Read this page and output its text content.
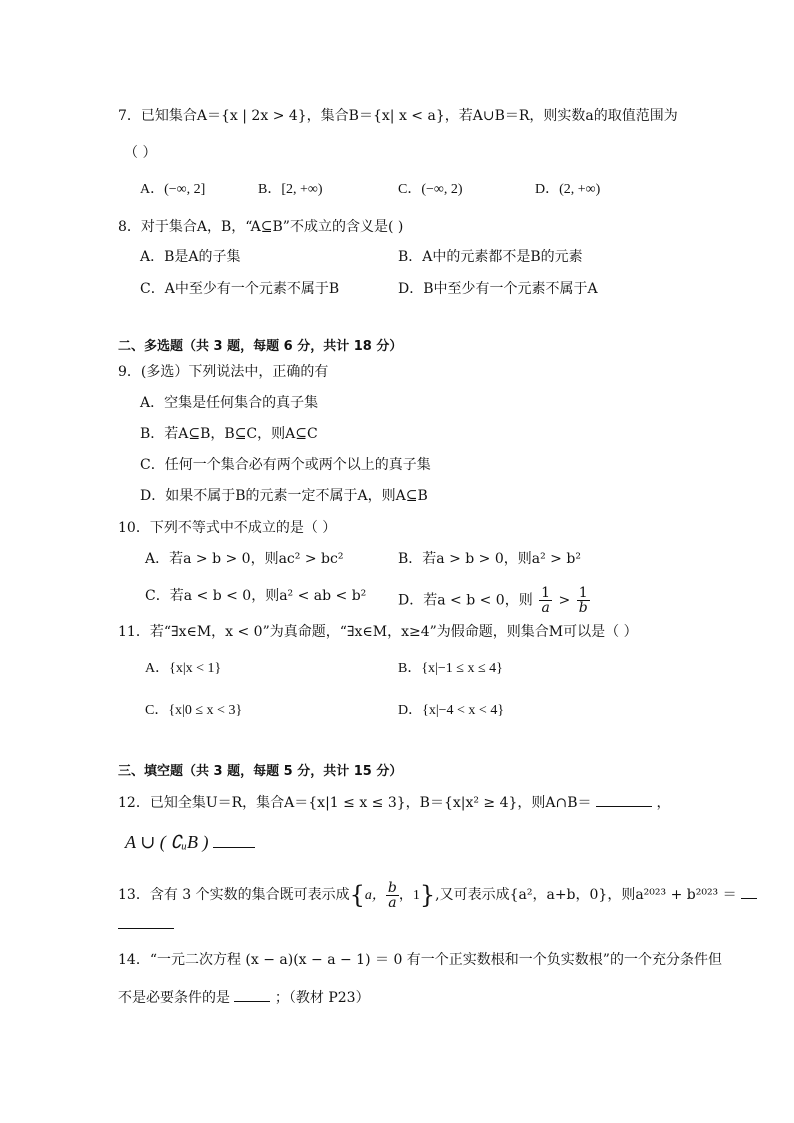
7．已知集合A＝{x | 2x > 4}，集合B＝{x| x < a}，若A∪B＝R，则实数a的取值范围为
（ ）
A．(−∞, 2]	B．[2, +∞)	C．(−∞, 2)	D．(2, +∞)
8．对于集合A，B，“A⊆B”不成立的含义是( )
A．B是A的子集	B．A中的元素都不是B的元素
C．A中至少有一个元素不属于B	D．B中至少有一个元素不属于A
二、多选题（共 3 题，每题 6 分，共计 18 分）
9．(多选）下列说法中，正确的有
A．空集是任何集合的真子集
B．若A⊆B，B⊆C，则A⊆C
C．任何一个集合必有两个或两个以上的真子集
D．如果不属于B的元素一定不属于A，则A⊆B
10．下列不等式中不成立的是（ ）
A．若a > b > 0，则ac² > bc²	B．若a > b > 0，则a² > b²
C．若a < b < 0，则a² < ab < b² D．若a < b < 0，则 $\frac{1}{a} > \frac{1}{b}$
11．若“∃x∈M，x < 0”为真命题，“∃x∈M，x≥4”为假命题，则集合M可以是（ ）
A．{x|x < 1}	B．{x|−1 ≤ x ≤ 4}
C．{x|0 ≤ x < 3}	D．{x|−4 < x < 4}
三、填空题（共 3 题，每题 5 分，共计 15 分）
12．已知全集U＝R，集合A＝{x|1 ≤ x ≤ 3}，B＝{x|x² ≥ 4}，则A∩B＝	，
A ∪ ( ∁ᵤB )
13．含有 3 个实数的集合既可表示成{a， $\frac{b}{a}$ ，1},又可表示成{a²，a+b，0}，则a²⁰²³ + b²⁰²³ ＝
14．“一元二次方程 (x − a)(x − a − 1) ＝ 0 有一个正实数根和一个负实数根”的一个充分条件但
不是必要条件的是	；（教材 P23）
